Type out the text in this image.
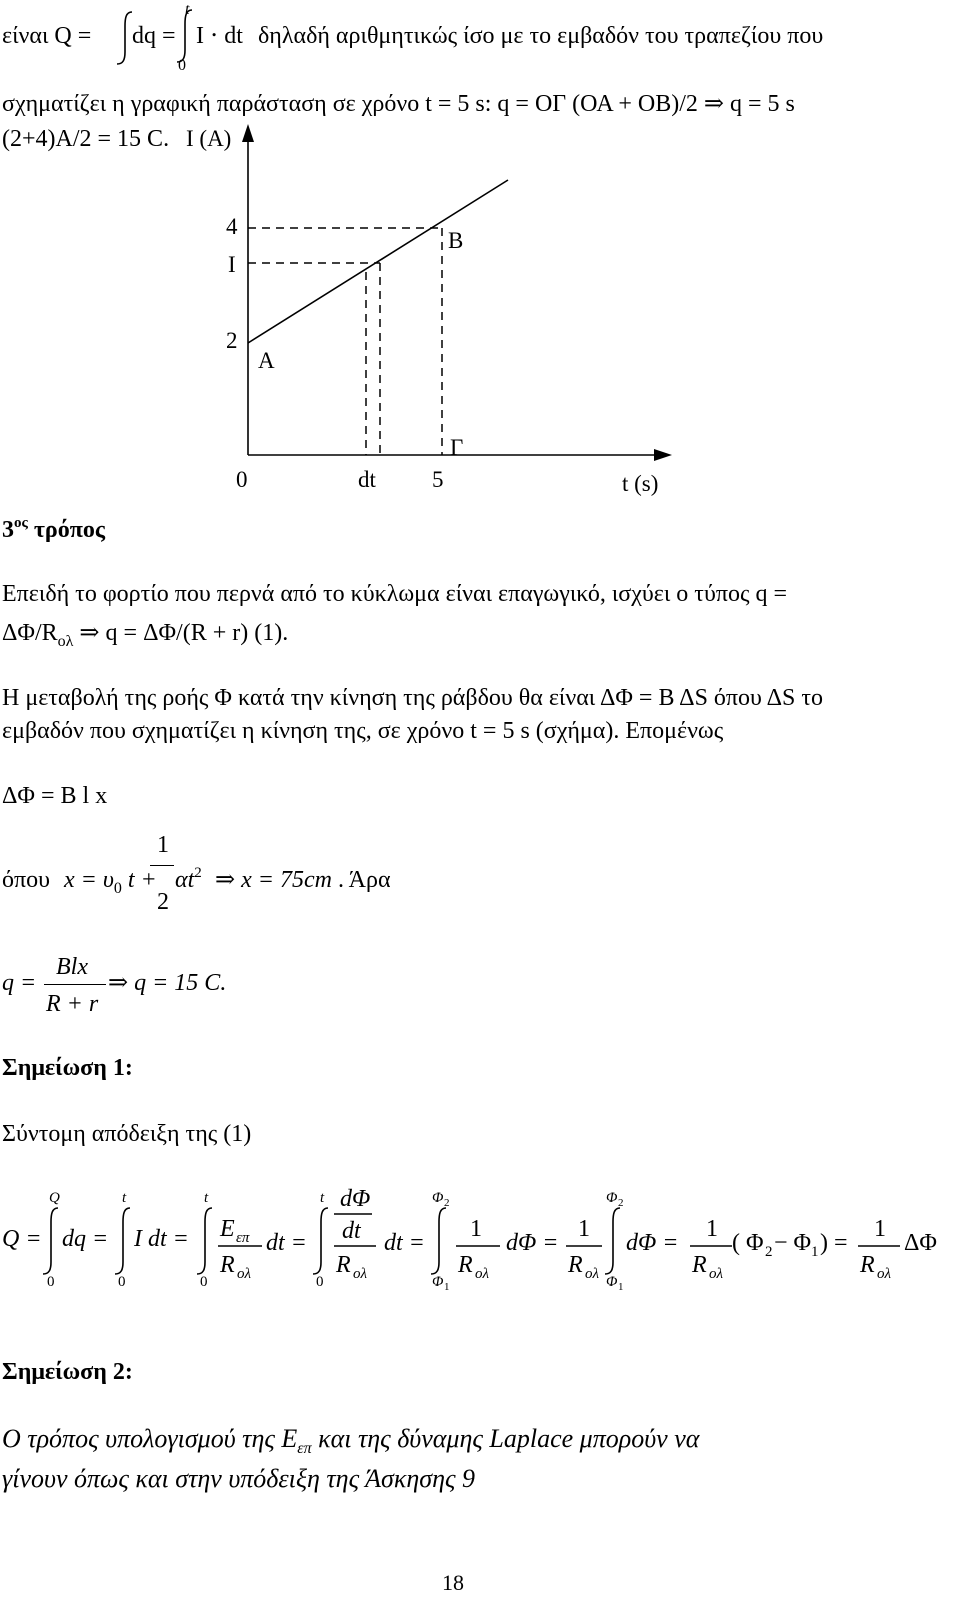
είναι Q = dq =
t
0
I ⋅ dt δηλαδή αριθμητικώς ίσο με το εμβαδόν του τραπεζίου που
σχηματίζει η γραφική παράσταση σε χρόνο t = 5 s: q = ΟΓ (ΟΑ + ΟΒ)/2 ⇒ q = 5 s
(2+4)A/2 = 15 C. I (A)
4
I
2
A
B
Γ
0	dt 5	t (s)
$3^{o\varsigma}$ τρόπος
Επειδή το φορτίο που περνά από το κύκλωμα είναι επαγωγικό, ισχύει ο τύπος q =
$\Delta\Phi/R_{o\lambda}$ ⇒ q = ΔΦ/(R + r) (1).
Η μεταβολή της ροής Φ κατά την κίνηση της ράβδου θα είναι ΔΦ = Β ΔS όπου ΔS το
εμβαδόν που σχηματίζει η κίνηση της, σε χρόνο t = 5 s (σχήμα). Επομένως
ΔΦ = Β l x
όπου $x = \upsilon_0$ t +
1
2
$\alpha t^2$ ⇒ x = 75cm . Άρα
q =
Blx
R + r
⇒ q = 15 C.
Σημείωση 1:
Σύντομη απόδειξη της (1)
Q =
Q
0
dq =
t
0
I dt =
t
0
E επ
R ολ
dt =
t
0
dΦ
dt
R ολ
dt =
Φ 2
Φ 1
1
R ολ
dΦ =
1
R ολ
Φ 2
Φ 1
dΦ =
1
R ολ
( Φ 2 − Φ 1 ) =
1
R ολ
ΔΦ
Σημείωση 2:
Ο τρόπος υπολογισμού της $E_{\varepsilon\pi}$ και της δύναμης Laplace μπορούν να
γίνουν όπως και στην υπόδειξη της Άσκησης 9
18
